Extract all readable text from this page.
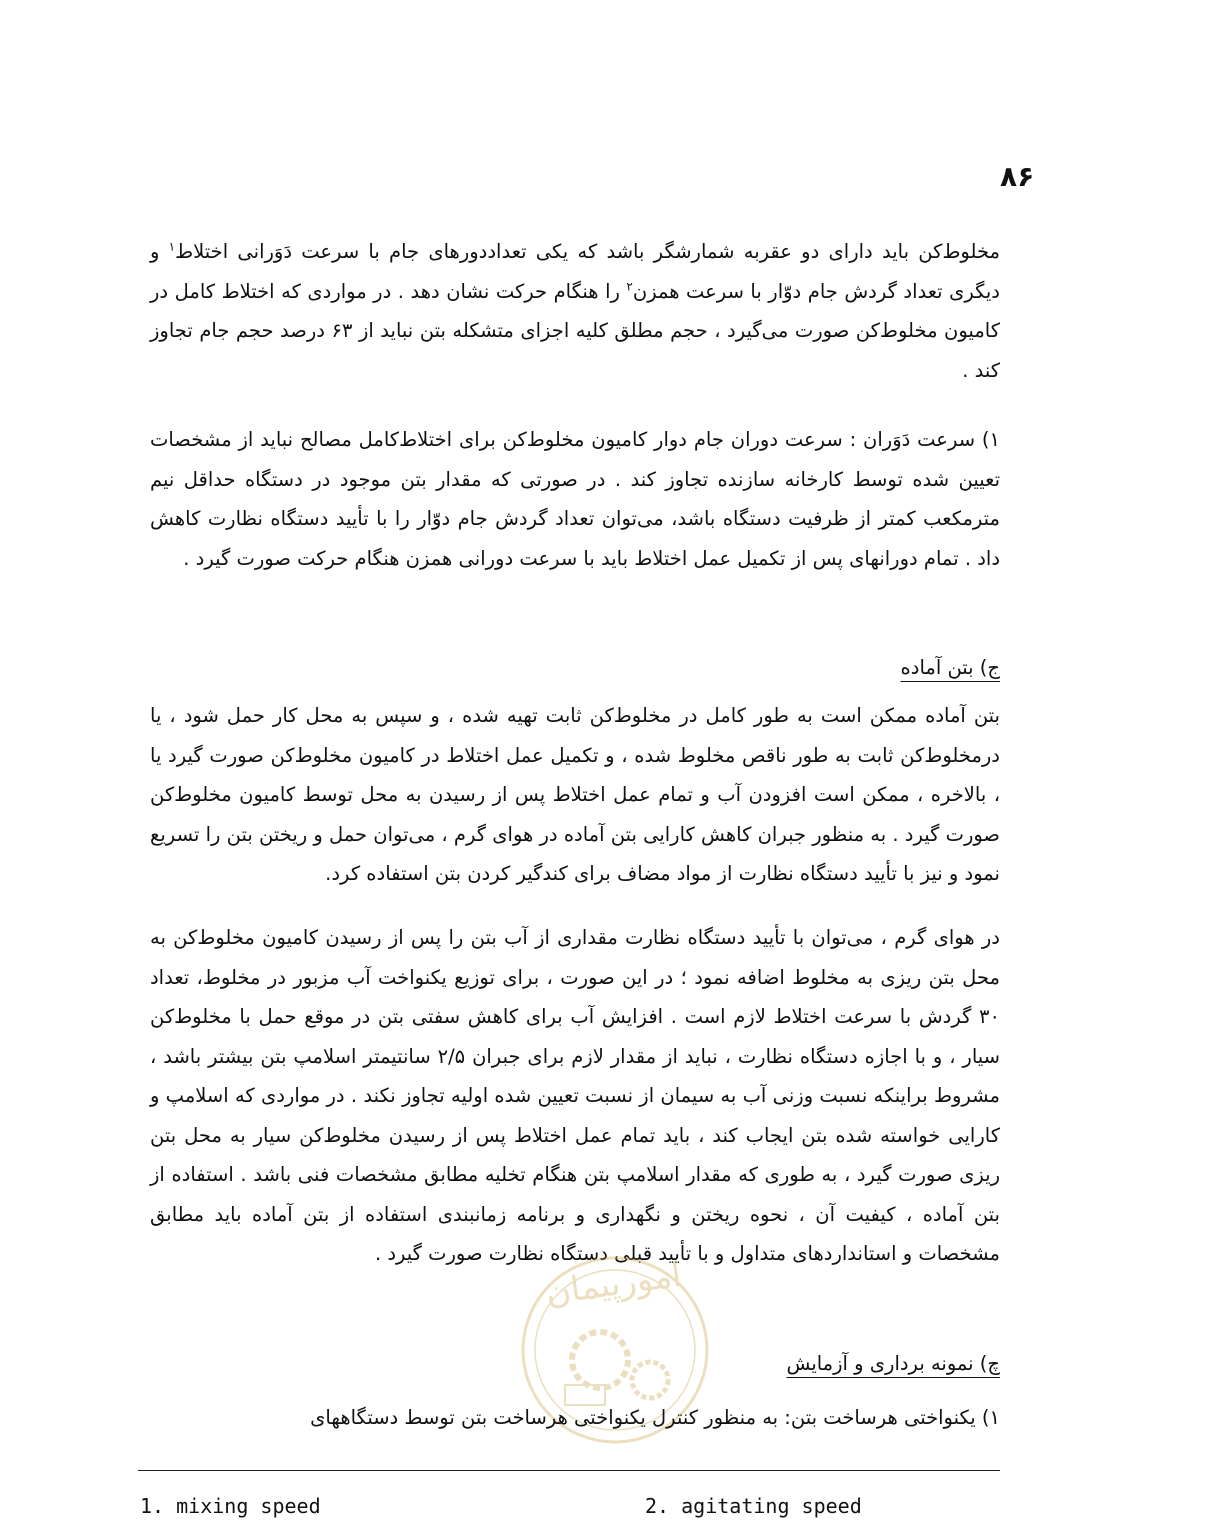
۸۶

مخلوط‌کن باید دارای دو عقربه شمارشگر باشد که یکی تعداددورهای جام با سرعت دَوَرانی اختلاط$^۱$ و دیگری تعداد گردش جام دوّار با سرعت همزن$^۲$ را هنگام حرکت نشان دهد . در مواردی که اختلاط کامل در کامیون مخلوط‌کن صورت می‌گیرد ، حجم مطلق کلیه اجزای متشکله بتن نباید از ۶۳ درصد حجم جام تجاوز کند .

۱) سرعت دَوَران : سرعت دوران جام دوار کامیون مخلوط‌کن برای اختلاط‌کامل مصالح نباید از مشخصات تعیین شده توسط کارخانه سازنده تجاوز کند . در صورتی که مقدار بتن موجود در دستگاه حداقل نیم مترمکعب کمتر از ظرفیت دستگاه باشد، می‌توان تعداد گردش جام دوّار را با تأیید دستگاه نظارت کاهش داد . تمام دورانهای پس از تکمیل عمل اختلاط باید با سرعت دورانی همزن هنگام حرکت صورت گیرد .

ج) بتن آماده

بتن آماده ممکن است به طور کامل در مخلوط‌کن ثابت تهیه شده ، و سپس به محل کار حمل شود ، یا درمخلوط‌کن ثابت به طور ناقص مخلوط شده ، و تکمیل عمل اختلاط در کامیون مخلوط‌کن صورت گیرد یا ، بالاخره ، ممکن است افزودن آب و تمام عمل اختلاط پس از رسیدن به محل توسط کامیون مخلوط‌کن صورت گیرد . به منظور جبران کاهش کارایی بتن آماده در هوای گرم ، می‌توان حمل و ریختن بتن را تسریع نمود و نیز با تأیید دستگاه نظارت از مواد مضاف برای کندگیر کردن بتن استفاده کرد.

در هوای گرم ، می‌توان با تأیید دستگاه نظارت مقداری از آب بتن را پس از رسیدن کامیون مخلوط‌کن به محل بتن ریزی به مخلوط اضافه نمود ؛ در این صورت ، برای توزیع یکنواخت آب مزبور در مخلوط، تعداد ۳۰ گردش با سرعت اختلاط لازم است . افزایش آب برای کاهش سفتی بتن در موقع حمل با مخلوط‌کن سیار ، و با اجازه دستگاه نظارت ، نباید از مقدار لازم برای جبران ۲/۵ سانتیمتر اسلامپ بتن بیشتر باشد ، مشروط براینکه نسبت وزنی آب به سیمان از نسبت تعیین شده اولیه تجاوز نکند . در مواردی که اسلامپ و کارایی خواسته شده بتن ایجاب کند ، باید تمام عمل اختلاط پس از رسیدن مخلوط‌کن سیار به محل بتن ریزی صورت گیرد ، به طوری که مقدار اسلامپ بتن هنگام تخلیه مطابق مشخصات فنی باشد . استفاده از بتن آماده ، کیفیت آن ، نحوه ریختن و نگهداری و برنامه زمانبندی استفاده از بتن آماده باید مطابق مشخصات و استانداردهای متداول و با تأیید قبلی دستگاه نظارت صورت گیرد .

امورپیمان
چ) نمونه برداری و آزمایش

۱) یکنواختی هرساخت بتن: به منظور کنترل یکنواختی هرساخت بتن توسط دستگاههای

1. mixing speed	2. agitating speed
